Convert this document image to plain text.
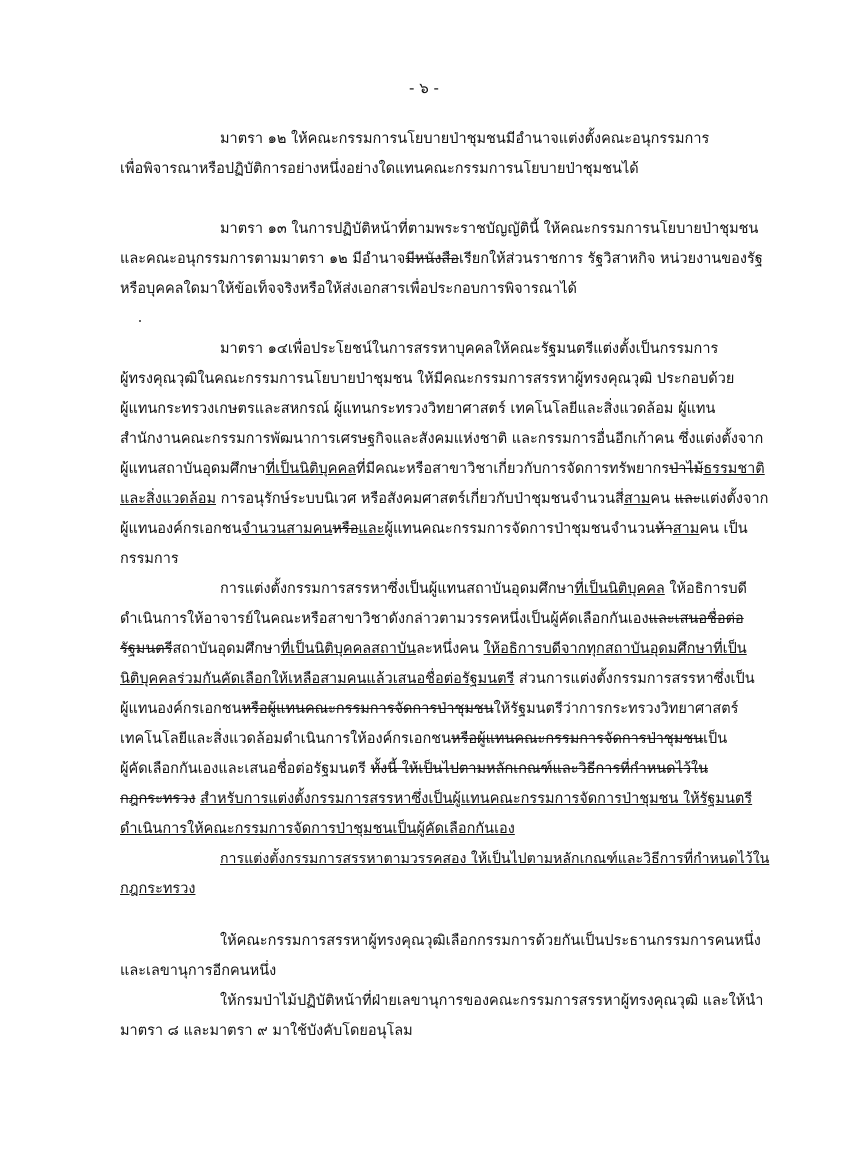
- ๖ -
มาตรา ๑๒ ให้คณะกรรมการนโยบายป่าชุมชนมีอำนาจแต่งตั้งคณะอนุกรรมการ
เพื่อพิจารณาหรือปฏิบัติการอย่างหนึ่งอย่างใดแทนคณะกรรมการนโยบายป่าชุมชนได้
มาตรา ๑๓ ในการปฏิบัติหน้าที่ตามพระราชบัญญัตินี้ ให้คณะกรรมการนโยบายป่าชุมชน
และคณะอนุกรรมการตามมาตรา ๑๒ มีอำนาจมีหนังสือเรียกให้ส่วนราชการ รัฐวิสาหกิจ หน่วยงานของรัฐ
หรือบุคคลใดมาให้ข้อเท็จจริงหรือให้ส่งเอกสารเพื่อประกอบการพิจารณาได้
มาตรา ๑๔เพื่อประโยชน์ในการสรรหาบุคคลให้คณะรัฐมนตรีแต่งตั้งเป็นกรรมการ
ผู้ทรงคุณวุฒิในคณะกรรมการนโยบายป่าชุมชน ให้มีคณะกรรมการสรรหาผู้ทรงคุณวุฒิ ประกอบด้วย
ผู้แทนกระทรวงเกษตรและสหกรณ์ ผู้แทนกระทรวงวิทยาศาสตร์ เทคโนโลยีและสิ่งแวดล้อม ผู้แทน
สำนักงานคณะกรรมการพัฒนาการเศรษฐกิจและสังคมแห่งชาติ และกรรมการอื่นอีกเก้าคน ซึ่งแต่งตั้งจาก
ผู้แทนสถาบันอุดมศึกษาที่เป็นนิติบุคคลที่มีคณะหรือสาขาวิชาเกี่ยวกับการจัดการทรัพยากรป่าไม้ธรรมชาติ
และสิ่งแวดล้อม การอนุรักษ์ระบบนิเวศ หรือสังคมศาสตร์เกี่ยวกับป่าชุมชนจำนวนสี่สามคน และแต่งตั้งจาก
ผู้แทนองค์กรเอกชนจำนวนสามคนหรือและผู้แทนคณะกรรมการจัดการป่าชุมชนจำนวนห้าสามคน เป็น
กรรมการ
การแต่งตั้งกรรมการสรรหาซึ่งเป็นผู้แทนสถาบันอุดมศึกษาที่เป็นนิติบุคคล ให้อธิการบดี
ดำเนินการให้อาจารย์ในคณะหรือสาขาวิชาดังกล่าวตามวรรคหนึ่งเป็นผู้คัดเลือกกันเองและเสนอชื่อต่อ
รัฐมนตรีสถาบันอุดมศึกษาที่เป็นนิติบุคคลสถาบันละหนึ่งคน ให้อธิการบดีจากทุกสถาบันอุดมศึกษาที่เป็น
นิติบุคคลร่วมกันคัดเลือกให้เหลือสามคนแล้วเสนอชื่อต่อรัฐมนตรี ส่วนการแต่งตั้งกรรมการสรรหาซึ่งเป็น
ผู้แทนองค์กรเอกชนหรือผู้แทนคณะกรรมการจัดการป่าชุมชนให้รัฐมนตรีว่าการกระทรวงวิทยาศาสตร์
เทคโนโลยีและสิ่งแวดล้อมดำเนินการให้องค์กรเอกชนหรือผู้แทนคณะกรรมการจัดการป่าชุมชนเป็น
ผู้คัดเลือกกันเองและเสนอชื่อต่อรัฐมนตรี ทั้งนี้ ให้เป็นไปตามหลักเกณฑ์และวิธีการที่กำหนดไว้ใน
กฎกระทรวง สำหรับการแต่งตั้งกรรมการสรรหาซึ่งเป็นผู้แทนคณะกรรมการจัดการป่าชุมชน ให้รัฐมนตรี
ดำเนินการให้คณะกรรมการจัดการป่าชุมชนเป็นผู้คัดเลือกกันเอง
การแต่งตั้งกรรมการสรรหาตามวรรคสอง ให้เป็นไปตามหลักเกณฑ์และวิธีการที่กำหนดไว้ใน
กฎกระทรวง
ให้คณะกรรมการสรรหาผู้ทรงคุณวุฒิเลือกกรรมการด้วยกันเป็นประธานกรรมการคนหนึ่ง
และเลขานุการอีกคนหนึ่ง
ให้กรมป่าไม้ปฏิบัติหน้าที่ฝ่ายเลขานุการของคณะกรรมการสรรหาผู้ทรงคุณวุฒิ และให้นำ
มาตรา ๘ และมาตรา ๙ มาใช้บังคับโดยอนุโลม
